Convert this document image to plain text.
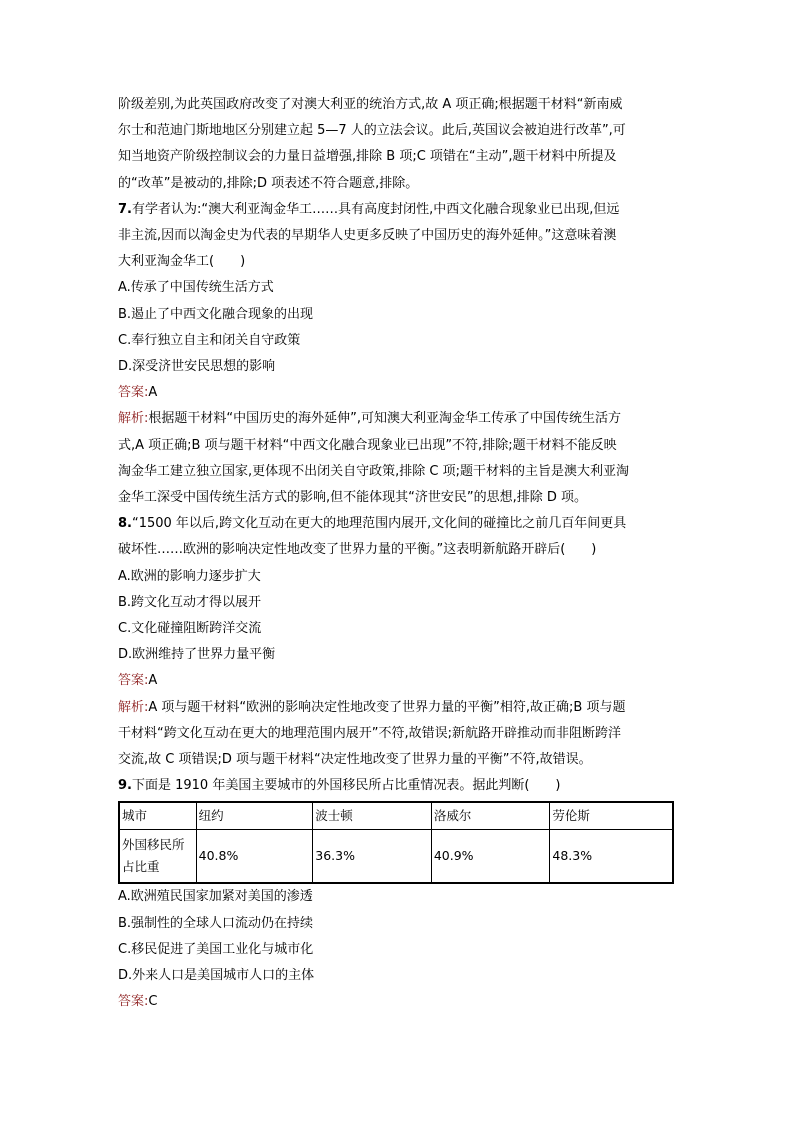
阶级差别,为此英国政府改变了对澳大利亚的统治方式,故 A 项正确;根据题干材料“新南威

尔士和范迪门斯地地区分别建立起 5—7 人的立法会议。此后,英国议会被迫进行改革”,可

知当地资产阶级控制议会的力量日益增强,排除 B 项;C 项错在“主动”,题干材料中所提及

的“改革”是被动的,排除;D 项表述不符合题意,排除。

7.有学者认为:“澳大利亚淘金华工……具有高度封闭性,中西文化融合现象业已出现,但远

非主流,因而以淘金史为代表的早期华人史更多反映了中国历史的海外延伸。”这意味着澳

大利亚淘金华工(　　)

A.传承了中国传统生活方式

B.遏止了中西文化融合现象的出现

C.奉行独立自主和闭关自守政策

D.深受济世安民思想的影响

答案:A

解析:根据题干材料“中国历史的海外延伸”,可知澳大利亚淘金华工传承了中国传统生活方

式,A 项正确;B 项与题干材料“中西文化融合现象业已出现”不符,排除;题干材料不能反映

淘金华工建立独立国家,更体现不出闭关自守政策,排除 C 项;题干材料的主旨是澳大利亚淘

金华工深受中国传统生活方式的影响,但不能体现其“济世安民”的思想,排除 D 项。

8.“1500 年以后,跨文化互动在更大的地理范围内展开,文化间的碰撞比之前几百年间更具

破坏性……欧洲的影响决定性地改变了世界力量的平衡。”这表明新航路开辟后(　　)

A.欧洲的影响力逐步扩大

B.跨文化互动才得以展开

C.文化碰撞阻断跨洋交流

D.欧洲维持了世界力量平衡

答案:A

解析:A 项与题干材料“欧洲的影响决定性地改变了世界力量的平衡”相符,故正确;B 项与题

干材料“跨文化互动在更大的地理范围内展开”不符,故错误;新航路开辟推动而非阻断跨洋

交流,故 C 项错误;D 项与题干材料“决定性地改变了世界力量的平衡”不符,故错误。

9.下面是 1910 年美国主要城市的外国移民所占比重情况表。据此判断(　　)

城市	纽约	波士顿	洛威尔	劳伦斯
外国移民所占比重	40.8%	36.3%	40.9%	48.3%

A.欧洲殖民国家加紧对美国的渗透

B.强制性的全球人口流动仍在持续

C.移民促进了美国工业化与城市化

D.外来人口是美国城市人口的主体

答案:C
